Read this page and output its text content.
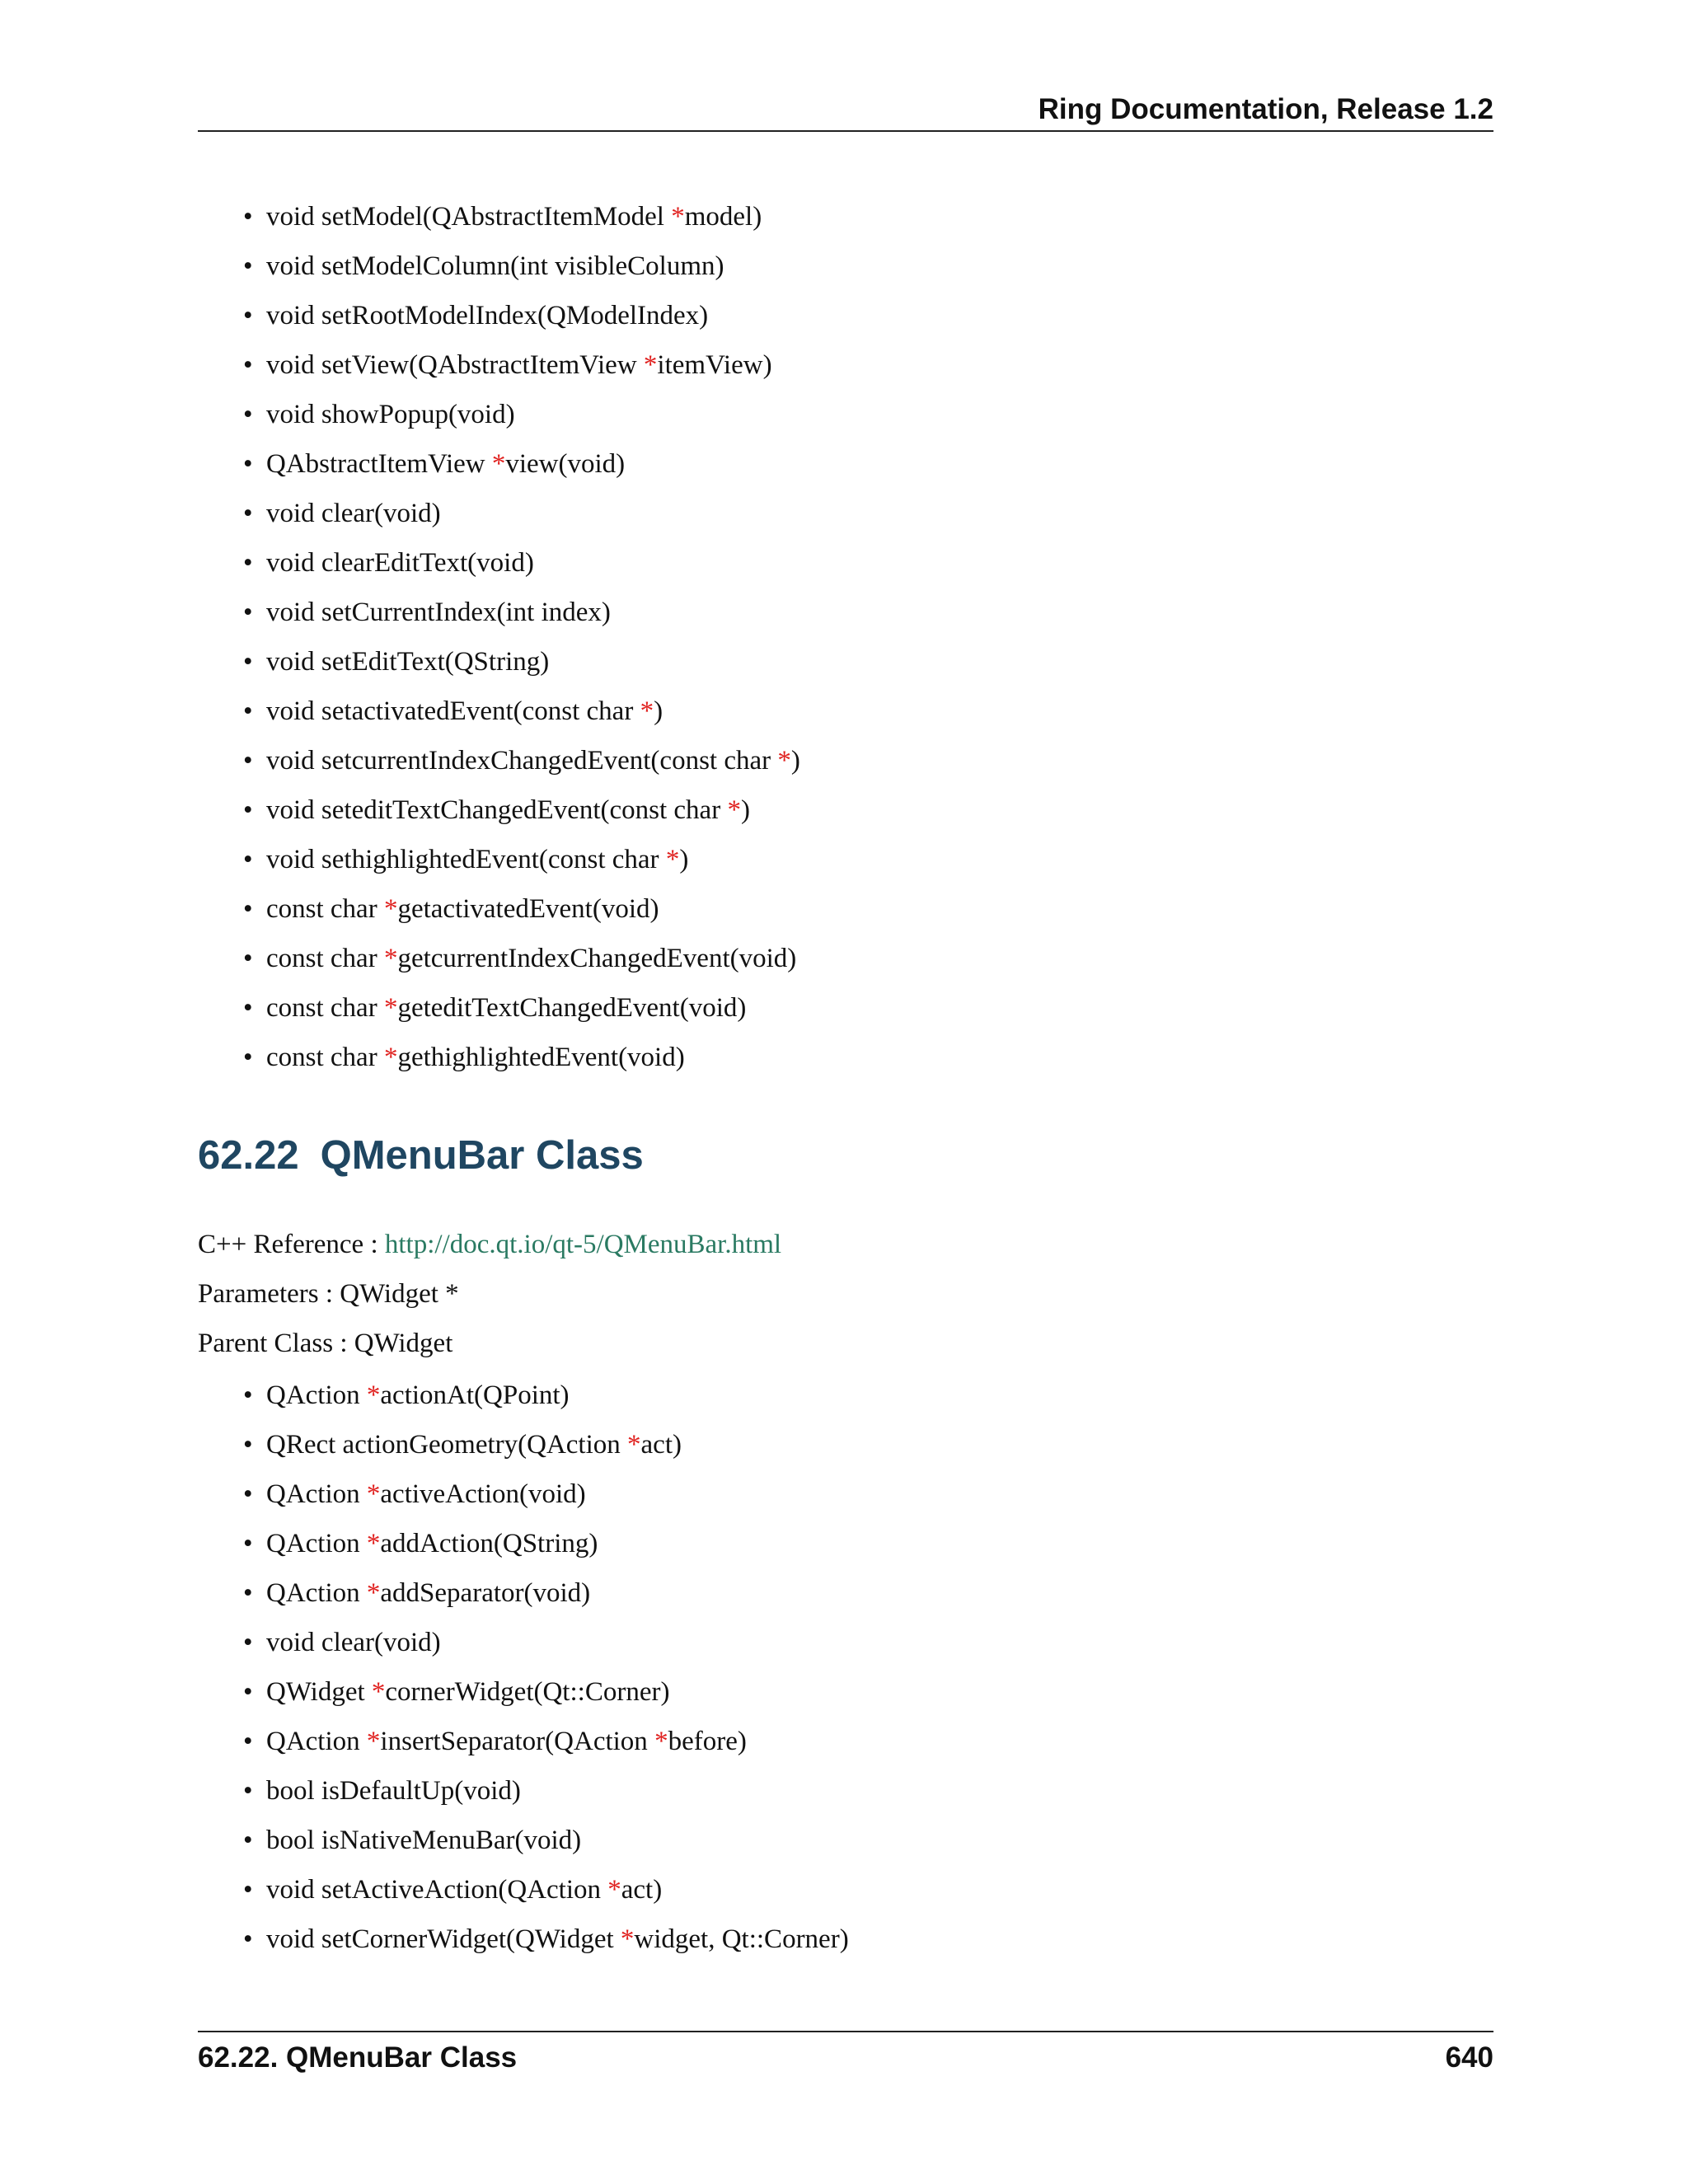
Ring Documentation, Release 1.2
• void setModel(QAbstractItemModel *model)
• void setModelColumn(int visibleColumn)
• void setRootModelIndex(QModelIndex)
• void setView(QAbstractItemView *itemView)
• void showPopup(void)
• QAbstractItemView *view(void)
• void clear(void)
• void clearEditText(void)
• void setCurrentIndex(int index)
• void setEditText(QString)
• void setactivatedEvent(const char *)
• void setcurrentIndexChangedEvent(const char *)
• void seteditTextChangedEvent(const char *)
• void sethighlightedEvent(const char *)
• const char *getactivatedEvent(void)
• const char *getcurrentIndexChangedEvent(void)
• const char *geteditTextChangedEvent(void)
• const char *gethighlightedEvent(void)
62.22 QMenuBar Class
C++ Reference : http://doc.qt.io/qt-5/QMenuBar.html
Parameters : QWidget *
Parent Class : QWidget
• QAction *actionAt(QPoint)
• QRect actionGeometry(QAction *act)
• QAction *activeAction(void)
• QAction *addAction(QString)
• QAction *addSeparator(void)
• void clear(void)
• QWidget *cornerWidget(Qt::Corner)
• QAction *insertSeparator(QAction *before)
• bool isDefaultUp(void)
• bool isNativeMenuBar(void)
• void setActiveAction(QAction *act)
• void setCornerWidget(QWidget *widget, Qt::Corner)
62.22. QMenuBar Class	640
